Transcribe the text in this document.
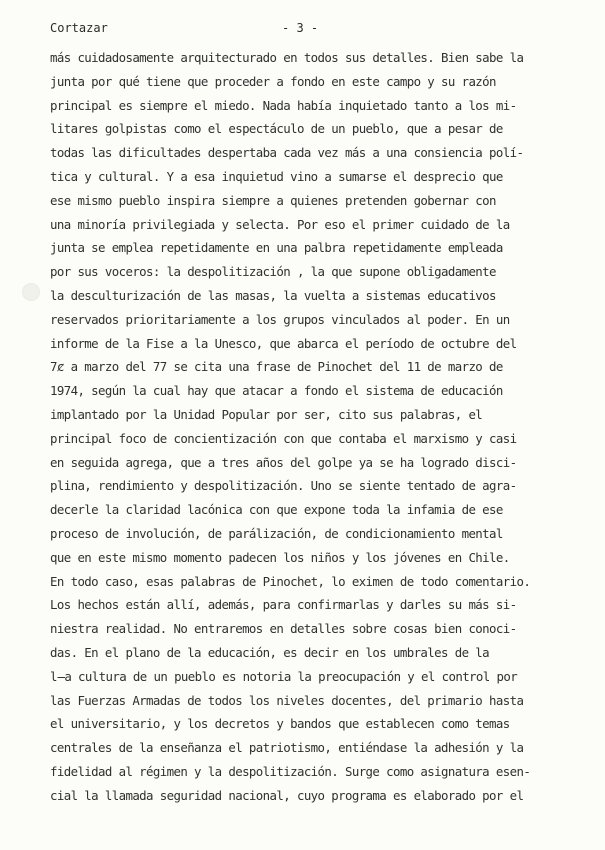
Cortazar	- 3 -
más cuidadosamente arquitecturado en todos sus detalles. Bien sabe la
junta por qué tiene que proceder a fondo en este campo y su razón
principal es siempre el miedo. Nada había inquietado tanto a los mi-
litares golpistas como el espectáculo de un pueblo, que a pesar de
todas las dificultades despertaba cada vez más a una consiencia polí-
tica y cultural. Y a esa inquietud vino a sumarse el desprecio que
ese mismo pueblo inspira siempre a quienes pretenden gobernar con
una minoría privilegiada y selecta. Por eso el primer cuidado de la
junta se emplea repetidamente en una palbra repetidamente empleada
por sus voceros: la despolitización , la que supone obligadamente
la desculturización de las masas, la vuelta a sistemas educativos
reservados prioritariamente a los grupos vinculados al poder. En un
informe de la Fise a la Unesco, que abarca el período de octubre del
7ȼ a marzo del 77 se cita una frase de Pinochet del 11 de marzo de
1974, según la cual hay que atacar a fondo el sistema de educación
implantado por la Unidad Popular por ser, cito sus palabras, el
principal foco de concientización con que contaba el marxismo y casi
en seguida agrega, que a tres años del golpe ya se ha logrado disci-
plina, rendimiento y despolitización. Uno se siente tentado de agra-
decerle la claridad lacónica con que expone toda la infamia de ese
proceso de involución, de parálización, de condicionamiento mental
que en este mismo momento padecen los niños y los jóvenes en Chile.
En todo caso, esas palabras de Pinochet, lo eximen de todo comentario.
Los hechos están allí, además, para confirmarlas y darles su más si-
niestra realidad. No entraremos en detalles sobre cosas bien conoci-
das. En el plano de la educación, es decir en los umbrales de la
l̶a cultura de un pueblo es notoria la preocupación y el control por
las Fuerzas Armadas de todos los niveles docentes, del primario hasta
el universitario, y los decretos y bandos que establecen como temas
centrales de la enseñanza el patriotismo, entiéndase la adhesión y la
fidelidad al régimen y la despolitización. Surge como asignatura esen-
cial la llamada seguridad nacional, cuyo programa es elaborado por el
